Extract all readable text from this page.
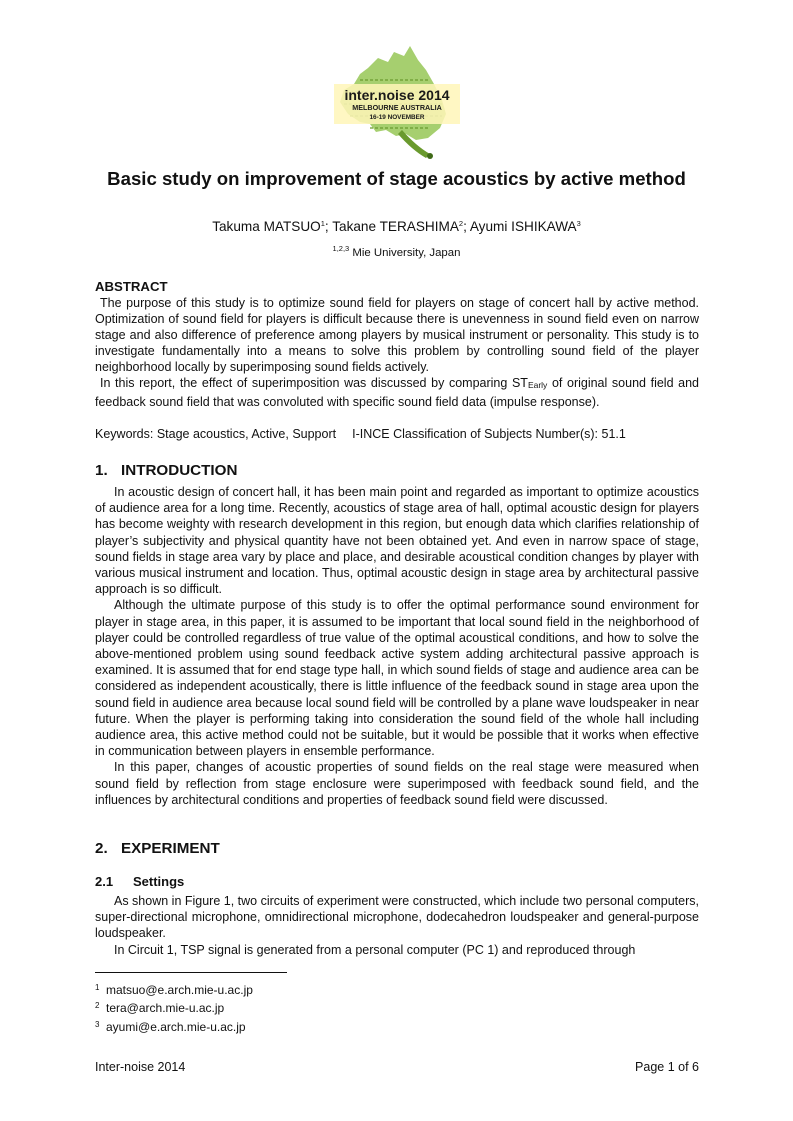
inter.noise 2014
MELBOURNE AUSTRALIA
16-19 NOVEMBER
Basic study on improvement of stage acoustics by active method
Takuma MATSUO$^1$; Takane TERASHIMA$^2$; Ayumi ISHIKAWA$^3$
$^{1,2,3}$ Mie University, Japan
ABSTRACT

The purpose of this study is to optimize sound field for players on stage of concert hall by active method. Optimization of sound field for players is difficult because there is unevenness in sound field even on narrow stage and also difference of preference among players by musical instrument or personality. This study is to investigate fundamentally into a means to solve this problem by controlling sound field of the player neighborhood locally by superimposing sound fields actively.

In this report, the effect of superimposition was discussed by comparing STEarly of original sound field and feedback sound field that was convoluted with specific sound field data (impulse response).

Keywords: Stage acoustics, Active, Support I-INCE Classification of Subjects Number(s): 51.1
1. INTRODUCTION

In acoustic design of concert hall, it has been main point and regarded as important to optimize acoustics of audience area for a long time. Recently, acoustics of stage area of hall, optimal acoustic design for players has become weighty with research development in this region, but enough data which clarifies relationship of player’s subjectivity and physical quantity have not been obtained yet. And even in narrow space of stage, sound fields in stage area vary by place and place, and desirable acoustical condition changes by player with various musical instrument and location. Thus, optimal acoustic design in stage area by architectural passive approach is so difficult.

Although the ultimate purpose of this study is to offer the optimal performance sound environment for player in stage area, in this paper, it is assumed to be important that local sound field in the neighborhood of player could be controlled regardless of true value of the optimal acoustical conditions, and how to solve the above-mentioned problem using sound feedback active system adding architectural passive approach is examined. It is assumed that for end stage type hall, in which sound fields of stage and audience area can be considered as independent acoustically, there is little influence of the feedback sound in stage area upon the sound field in audience area because local sound field will be controlled by a plane wave loudspeaker in near future. When the player is performing taking into consideration the sound field of the whole hall including audience area, this active method could not be suitable, but it would be possible that it works when effective in communication between players in ensemble performance.

In this paper, changes of acoustic properties of sound fields on the real stage were measured when sound field by reflection from stage enclosure were superimposed with feedback sound field, and the influences by architectural conditions and properties of feedback sound field were discussed.

2. EXPERIMENT
2.1 Settings

As shown in Figure 1, two circuits of experiment were constructed, which include two personal computers, super-directional microphone, omnidirectional microphone, dodecahedron loudspeaker and general-purpose loudspeaker.

In Circuit 1, TSP signal is generated from a personal computer (PC 1) and reproduced through

1 matsuo@e.arch.mie-u.ac.jp
2 tera@arch.mie-u.ac.jp
3 ayumi@e.arch.mie-u.ac.jp
Inter-noise 2014	Page 1 of 6
